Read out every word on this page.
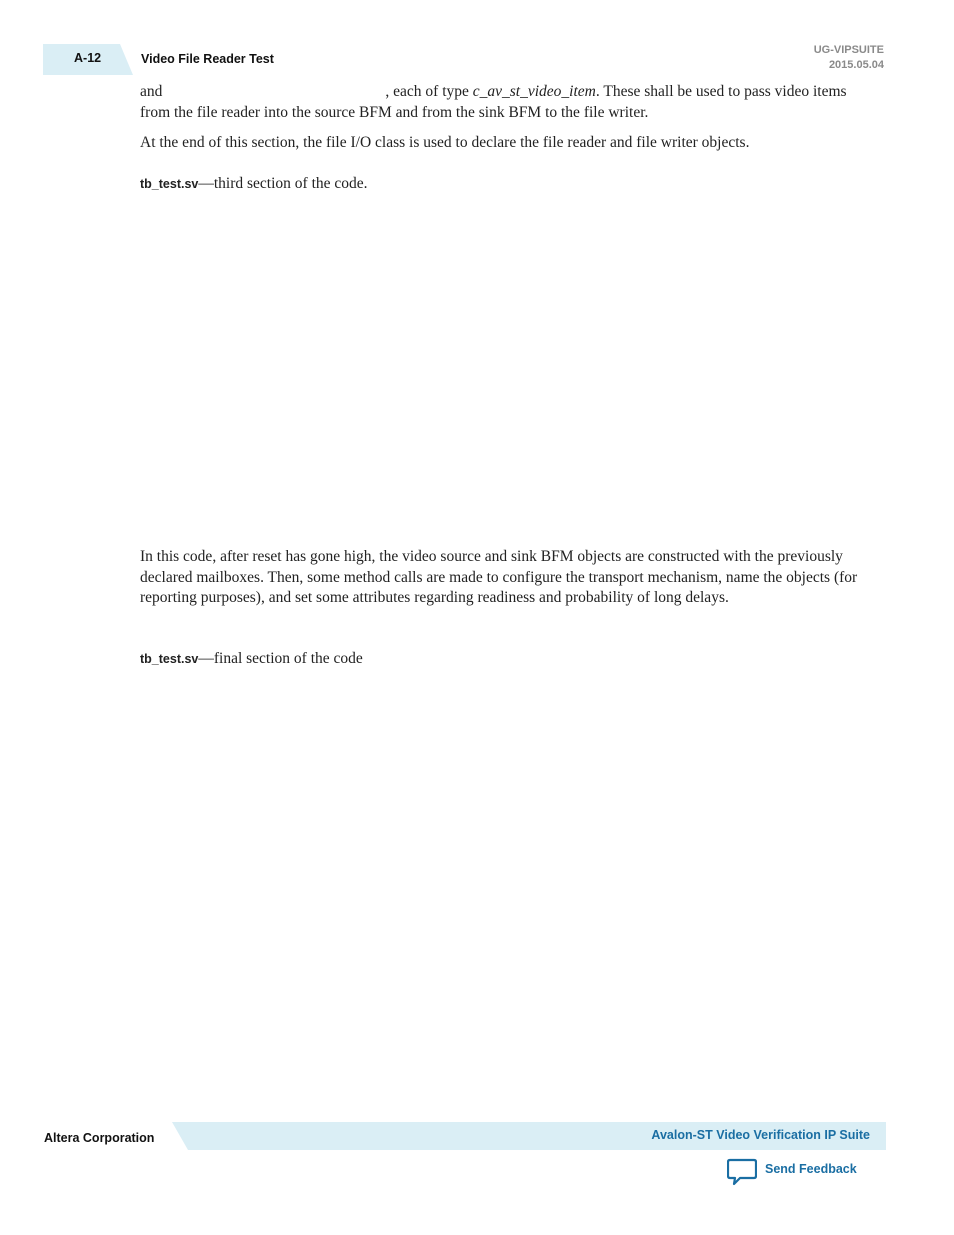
A-12	Video File Reader Test
UG-VIPSUITE
2015.05.04

and	, each of type c_av_st_video_item. These shall be used to pass video items from the file reader into the source BFM and from the sink BFM to the file writer.

At the end of this section, the file I/O class is used to declare the file reader and file writer objects.

tb_test.sv—third section of the code.

In this code, after reset has gone high, the video source and sink BFM objects are constructed with the previously declared mailboxes. Then, some method calls are made to configure the transport mechanism, name the objects (for reporting purposes), and set some attributes regarding readiness and probability of long delays.

tb_test.sv—final section of the code

Altera Corporation	Avalon-ST Video Verification IP Suite
Send Feedback
